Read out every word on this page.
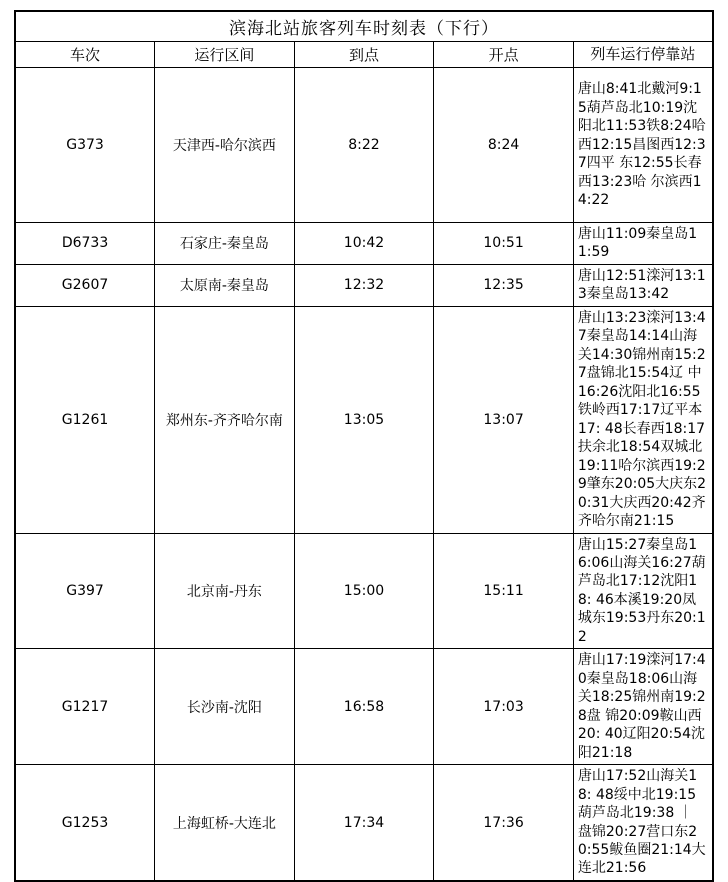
滨海北站旅客列车时刻表（下行）				
车次	运行区间	到点	开点	列车运行停靠站
G373	天津西-哈尔滨西	8:22	8:24	唐山8:41北戴河9:15葫芦岛北10:19沈阳北11:53铁8:24哈西12:15昌图西12:37四平 东12:55长春西13:23哈 尔滨西14:22

D6733	石家庄-秦皇岛	10:42	10:51	唐山11:09秦皇岛11:59

G2607	太原南-秦皇岛	12:32	12:35	唐山12:51滦河13:13秦皇岛13:42

G1261	郑州东-齐齐哈尔南	13:05	13:07	唐山13:23滦河13:47秦皇岛14:14山海关14:30锦州南15:27盘锦北15:54辽 中16:26沈阳北16:55铁岭西17:17辽平本17: 48长春西18:17扶余北18:54双城北19:11哈尔滨西19:29肇东20:05大庆东20:31大庆西20:42齐齐哈尔南21:15

G397	北京南-丹东	15:00	15:11	唐山15:27秦皇岛16:06山海关16:27葫芦岛北17:12沈阳18: 46本溪19:20凤城东19:53丹东20:12

G1217	长沙南-沈阳	16:58	17:03	唐山17:19滦河17:40秦皇岛18:06山海关18:25锦州南19:28盘 锦20:09鞍山西20: 40辽阳20:54沈阳21:18

G1253	上海虹桥-大连北	17:34	17:36	唐山17:52山海关18: 48绥中北19:15葫芦岛北19:38 ｜ 盘锦20:27营口东20:55鲅鱼圈21:14大连北21:56
